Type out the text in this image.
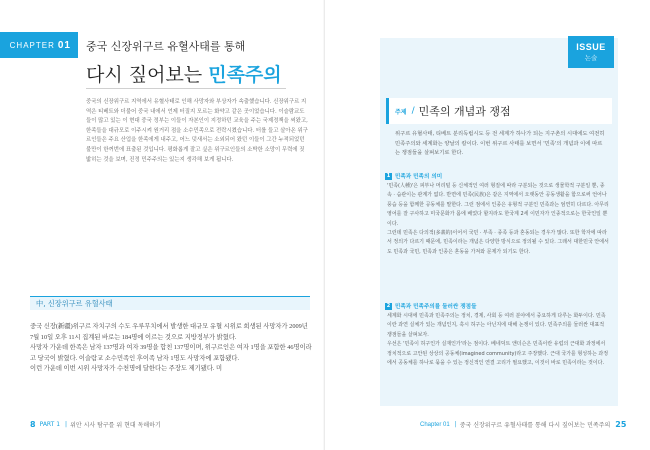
CHAPTER 01 중국 신장위구르 유혈사태를 통해
다시 짚어보는 민족주의

중국의 신장위구르 지역에서 유혈사태로 인해 사망자와 부상자가 속출했습니다. 신장위구르 지역은 티베트와 더불어 중국 내에서 언제 터질지 모르는 화약고 같은 곳이었습니다. 이슬람교도들이 많고 있는 이 현대 중국 정부는 이들이 자본인이 지정하던 교육을 주는 국제정책을 써왔고, 한족들을 대규모로 이주시켜 원거리 점을 소수민족으로 전락시켰습니다. 터를 들고 살아온 위구르인들은 주요 산업을 한족에게 내주고, 어느 덧새서는 소외되어 왔던 이들이 그간 누적되었던 불만이 한꺼번에 표출된 것입니다. 평화롭게 잘고 싶은 위구르인들의 소박한 소망이 무력에 짓밟히는 것을 보며, 진정 민주주의는 있는지 생각해 보게 됩니다.

中, 신장위구르 유혈사태

중국 신장(新疆)위구르 자치구의 수도 우루무치에서 발생한 대규모 유혈 시위로 희생된 사망자가 2009년 7월 10일 오후 11시 집계된 바로는 184명에 이르는 것으로 지방정부가 밝혔다.

사망자 가운데 한족은 남자 137명과 여자 39명을 합친 137명이며, 위구르인은 여자 1명을 포함한 46명이라고 당국이 밝혔다. 이슬람교 소수민족인 후이족 남자 1명도 사망자에 포함됐다.

이런 가운데 이번 시위 사망자가 수천명에 달한다는 주장도 제기됐다. 미

8 PART 1 | 위안 시사 탐구를 위 현대 독해하기
ISSUE
논술
주제 / 민족의 개념과 쟁점
위구르 유혈사태, 티베트 분리독립시도 등 전 세계가 하나가 되는 지구촌의 시대에도 여전히 민족주의와 세계화는 양날의 칼이다. 이번 위구르 사태를 보면서 '민족'의 개념과 이에 따르는 쟁점들을 살펴보기로 한다.
1 민족과 민족의 의미
'민족(人種)'은 피부나 머리털 등 신체적인 여러 형질에 따라 구분되는 것으로 생물학적 구분일 뿐, 종속 · 습관이는 관계가 없다. 반면에 민족(民族)은 같은 지역에서 오랫동안 공동생활을 함으로써 언어나 풍습 등을 함께한 공동체를 말한다. 그런 점에서 인종은 유형적 구분인 민족과는 엄연히 다르다. 아무리 영어를 잘 구사하고 미국문화가 몸에 배었다 할지라도 한국계 2세 이민자가 인종적으로는 한국인일 뿐이다.
그런데 민족은 다의적(多義的)이어서 국민 · 부족 · 종족 등과 혼동되는 경우가 많다. 또한 학자에 따라서 정의가 다르기 때문에, 민족이라는 개념은 다양한 방식으로 정의될 수 있다. 그래서 대한민국 안에서도 민족과 국민, 민족과 인종은 혼동을 가져와 문제가 되기도 한다.
2 민족과 민족주의를 둘러싼 쟁점들
세계화 시대에 민족과 민족주의는 정치, 경제, 사회 등 여러 분야에서 중요하게 다루는 화두이다. 민족이란 과연 실체가 있는 개념인지, 혹시 허구는 아닌지에 대해 논쟁이 있다. 민족주의를 둘러싼 대표적 쟁점들을 살펴보자.
우선은 '민족이 허구인가 실재인가'라는 점이다. 베네딕트 앤더슨은 민족이란 유럽의 근대화 과정에서 정치적으로 고안된 상상의 공동체(imagined community)라고 주장했다. 근대 국가를 형성하는 과정에서 공동체를 하나로 묶을 수 있는 정신적인 연결 고리가 필요했고, 이것이 바로 민족이라는 것이다.
Chapter 01 | 중국 신장위구르 유혈사태를 통해 다시 짚어보는 민족주의 25
